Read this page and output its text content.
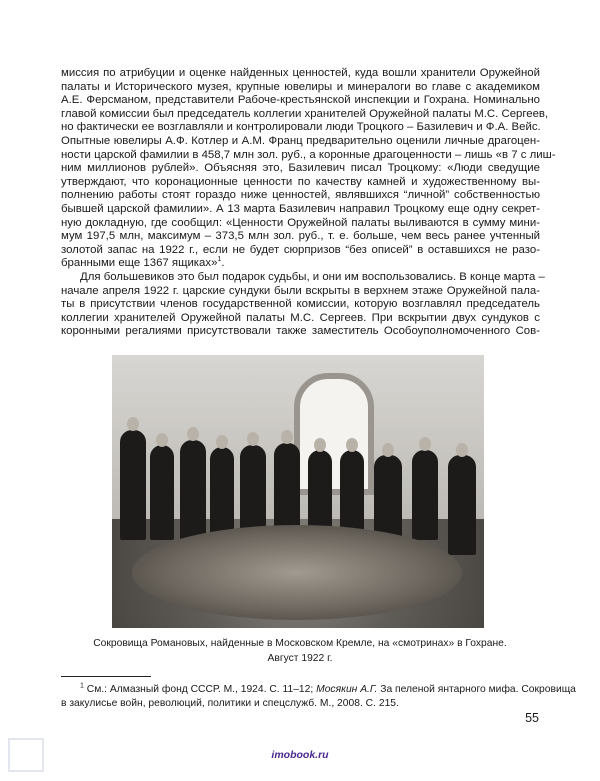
миссия по атрибуции и оценке найденных ценностей, куда вошли хранители Оружейной
палаты и Исторического музея, крупные ювелиры и минералоги во главе с академиком
А.Е. Ферсманом, представители Рабоче-крестьянской инспекции и Гохрана. Номинально
главой комиссии был председатель коллегии хранителей Оружейной палаты М.С. Сергеев,
но фактически ее возглавляли и контролировали люди Троцкого – Базилевич и Ф.А. Вейс.
Опытные ювелиры А.Ф. Котлер и А.М. Франц предварительно оценили личные драгоцен-
ности царской фамилии в 458,7 млн зол. руб., а коронные драгоценности – лишь «в 7 с лиш-
ним миллионов рублей». Объясняя это, Базилевич писал Троцкому: «Люди сведущие
утверждают, что коронационные ценности по качеству камней и художественному вы-
полнению работы стоят гораздо ниже ценностей, являвшихся “личной” собственностью
бывшей царской фамилии». А 13 марта Базилевич направил Троцкому еще одну секрет-
ную докладную, где сообщил: «Ценности Оружейной палаты выливаются в сумму мини-
мум 197,5 млн, максимум – 373,5 млн зол. руб., т. е. больше, чем весь ранее учтенный
золотой запас на 1922 г., если не будет сюрпризов “без описей” в оставшихся не разо-
бранными еще 1367 ящиках»$^1$.
Для большевиков это был подарок судьбы, и они им воспользовались. В конце марта –
начале апреля 1922 г. царские сундуки были вскрыты в верхнем этаже Оружейной пала-
ты в присутствии членов государственной комиссии, которую возглавлял председатель
коллегии хранителей Оружейной палаты М.С. Сергеев. При вскрытии двух сундуков с
коронными регалиями присутствовали также заместитель Особоуполномоченного Сов-
Сокровища Романовых, найденные в Московском Кремле, на «смотринах» в Гохране.
Август 1922 г.
$^1$ См.: Алмазный фонд СССР. М., 1924. С. 11–12; Мосякин А.Г. За пеленой янтарного мифа. Сокровища
в закулисье войн, революций, политики и спецслужб. М., 2008. С. 215.
55
imobook.ru
